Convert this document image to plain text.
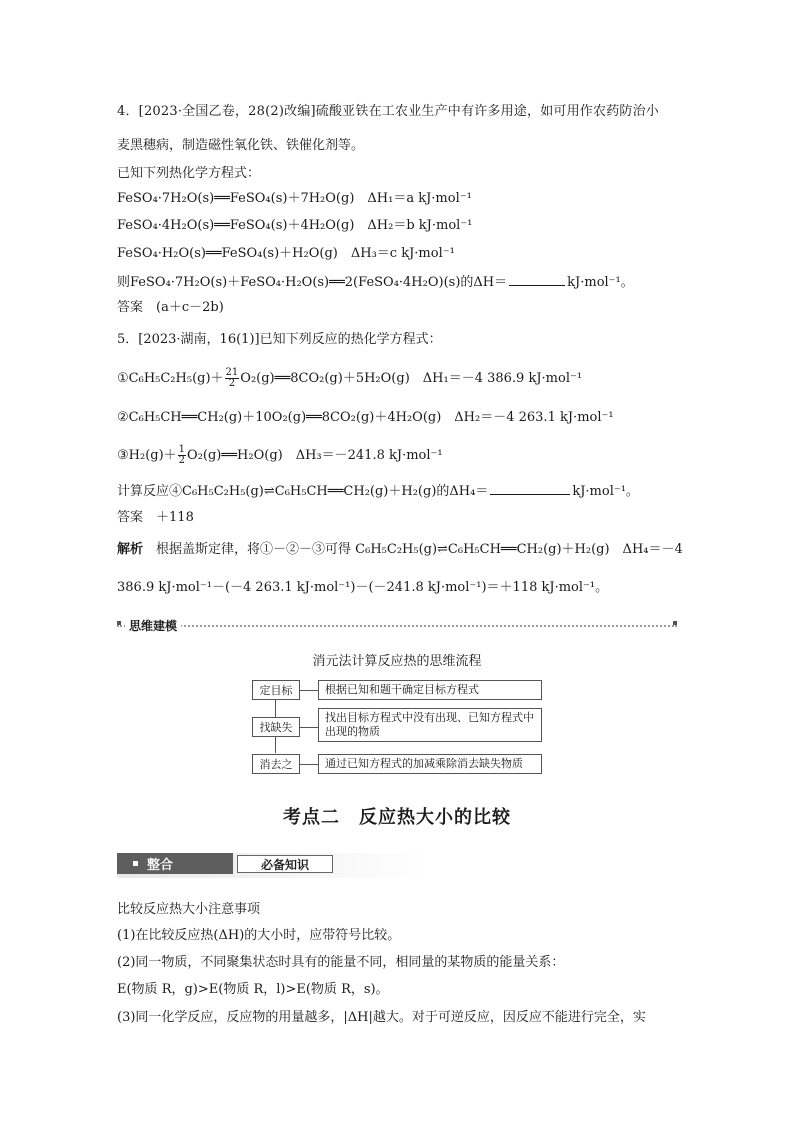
4．[2023·全国乙卷，28(2)改编]硫酸亚铁在工农业生产中有许多用途，如可用作农药防治小
麦黑穗病，制造磁性氧化铁、铁催化剂等。
已知下列热化学方程式：
FeSO₄·7H₂O(s)══FeSO₄(s)＋7H₂O(g)　ΔH₁＝a kJ·mol⁻¹
FeSO₄·4H₂O(s)══FeSO₄(s)＋4H₂O(g)　ΔH₂＝b kJ·mol⁻¹
FeSO₄·H₂O(s)══FeSO₄(s)＋H₂O(g)　ΔH₃＝c kJ·mol⁻¹
则FeSO₄·7H₂O(s)＋FeSO₄·H₂O(s)══2(FeSO₄·4H₂O)(s)的ΔH＝	kJ·mol⁻¹。
答案　 (a＋c－2b)
5．[2023·湖南，16(1)]已知下列反应的热化学方程式：
①C₆H₅C₂H₅(g)＋ $\frac{21}{2}$ O₂(g)══8CO₂(g)＋5H₂O(g)　ΔH₁＝－4 386.9 kJ·mol⁻¹
②C₆H₅CH══CH₂(g)＋10O₂(g)══8CO₂(g)＋4H₂O(g)　ΔH₂＝－4 263.1 kJ·mol⁻¹
③H₂(g)＋ $\frac{1}{2}$ O₂(g)══H₂O(g)　ΔH₃＝－241.8 kJ·mol⁻¹
计算反应④C₆H₅C₂H₅(g)⇌C₆H₅CH══CH₂(g)＋H₂(g)的ΔH₄＝	kJ·mol⁻¹。
答案　 ＋118
解析　 根据盖斯定律，将①－②－③可得 C₆H₅C₂H₅(g)⇌C₆H₅CH══CH₂(g)＋H₂(g)　ΔH₄＝－4
386.9 kJ·mol⁻¹－(－4 263.1 kJ·mol⁻¹)－(－241.8 kJ·mol⁻¹)＝＋118 kJ·mol⁻¹。
思维建模
消元法计算反应热的思维流程
定目标	根据已知和题干确定目标方程式
找缺失
找出目标方程式中没有出现、已知方程式中出现的物质
消去之	通过已知方程式的加减乘除消去缺失物质
考点二　反应热大小的比较
整合	必备知识
比较反应热大小注意事项
(1)在比较反应热(ΔH)的大小时，应带符号比较。
(2)同一物质，不同聚集状态时具有的能量不同，相同量的某物质的能量关系：
E(物质 R，g)>E(物质 R，l)>E(物质 R，s)。
(3)同一化学反应，反应物的用量越多，|ΔH|越大。对于可逆反应，因反应不能进行完全，实
